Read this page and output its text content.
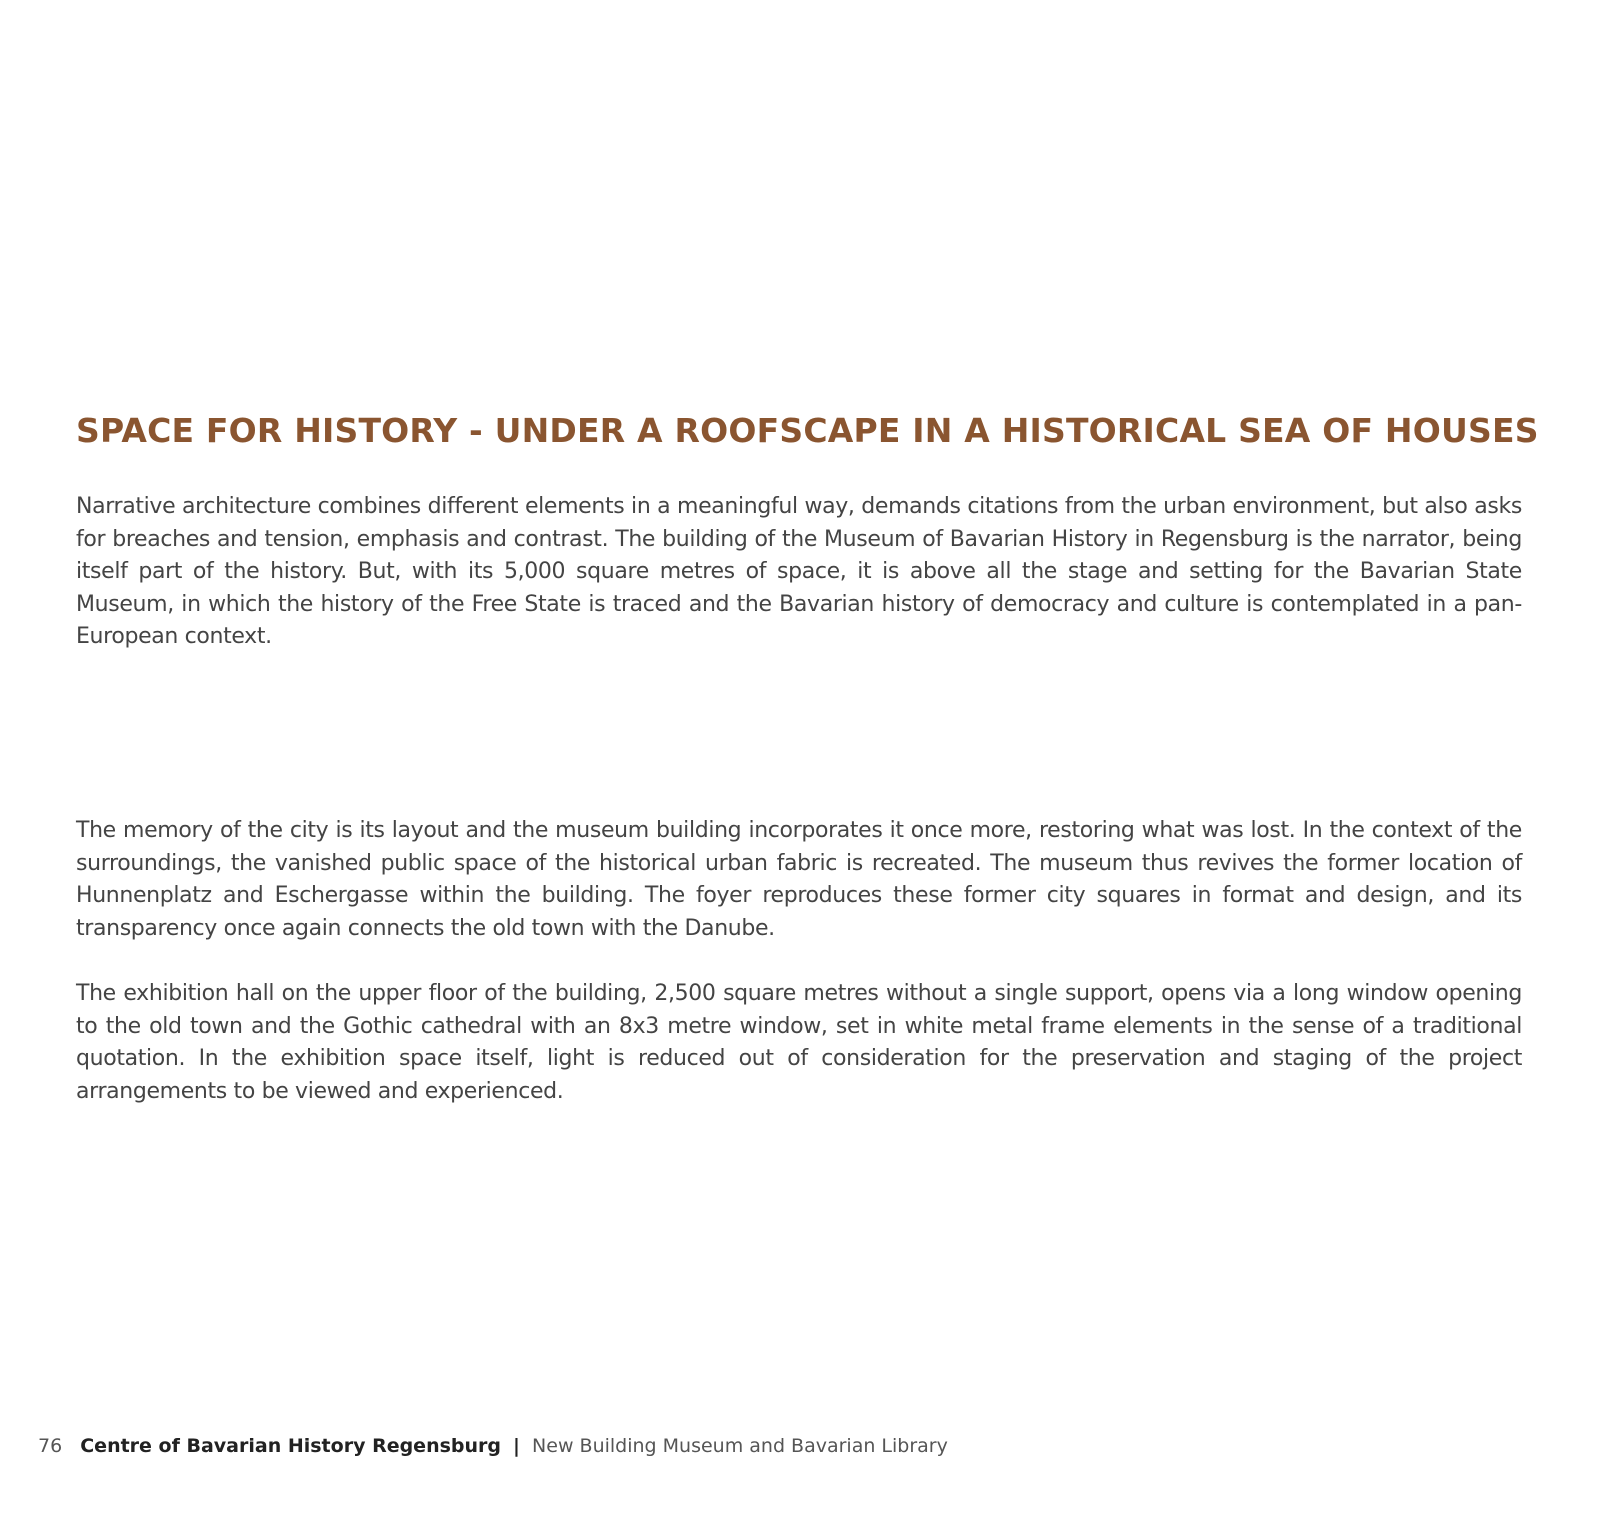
SPACE FOR HISTORY - UNDER A ROOFSCAPE IN A HISTORICAL SEA OF HOUSES

Narrative architecture combines different elements in a meaningful way, demands citations from the urban environment, but also asks for breaches and tension, emphasis and contrast. The building of the Museum of Bavarian History in Regensburg is the narrator, being itself part of the history. But, with its 5,000 square metres of space, it is above all the stage and setting for the Bavarian State Museum, in which the history of the Free State is traced and the Bavarian history of democracy and culture is contemplated in a pan-European context.

The memory of the city is its layout and the museum building incorporates it once more, restoring what was lost. In the context of the surroundings, the vanished public space of the historical urban fabric is recreated. The museum thus revives the former location of Hunnenplatz and Eschergasse within the building. The foyer reproduces these former city squares in format and design, and its transparency once again connects the old town with the Danube.

The exhibition hall on the upper floor of the building, 2,500 square metres without a single support, opens via a long window opening to the old town and the Gothic cathedral with an 8x3 metre window, set in white metal frame elements in the sense of a traditional quotation. In the exhibition space itself, light is reduced out of consideration for the preservation and staging of the project arrangements to be viewed and experienced.

76 Centre of Bavarian History Regensburg | New Building Museum and Bavarian Library
